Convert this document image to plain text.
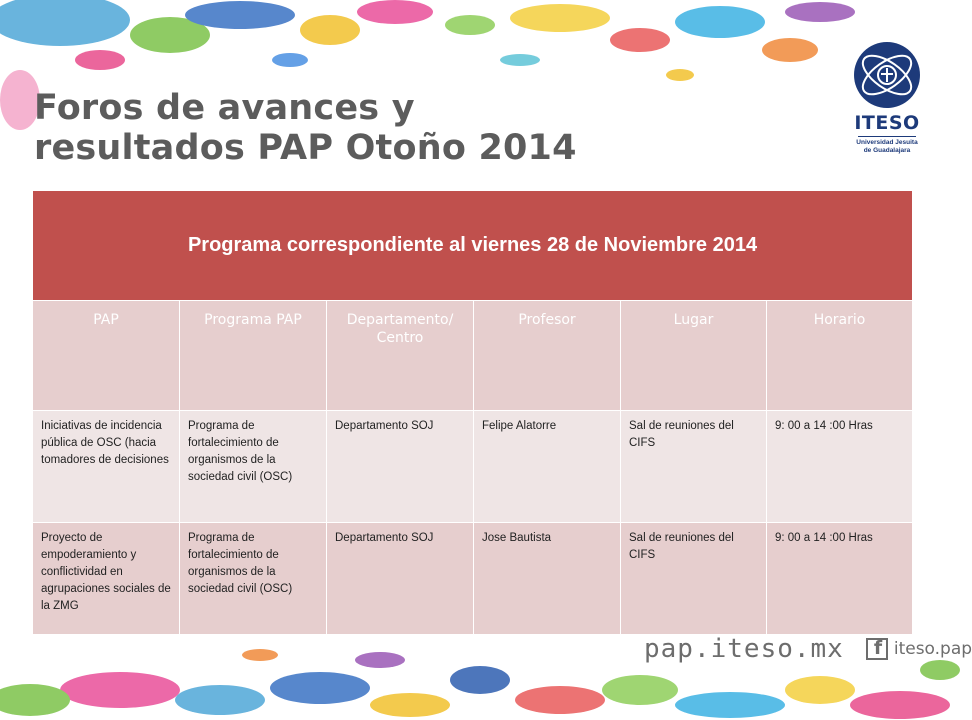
Foros de avances y
resultados PAP Otoño 2014
ITESO
Universidad Jesuita
de Guadalajara
Programa correspondiente al viernes 28 de Noviembre 2014					
PAP	Programa PAP	Departamento/ Centro	Profesor	Lugar	Horario
Iniciativas de incidencia pública de OSC (hacia tomadores de decisiones	Programa de fortalecimiento de organismos de la sociedad civil (OSC)	Departamento SOJ	Felipe Alatorre	Sal de reuniones del CIFS	9: 00 a 14 :00 Hras
Proyecto de empoderamiento y conflictividad en agrupaciones sociales de la ZMG	Programa de fortalecimiento de organismos de la sociedad civil (OSC)	Departamento SOJ	Jose Bautista	Sal de reuniones del CIFS	9: 00 a 14 :00 Hras
pap.iteso.mx f iteso.pap
